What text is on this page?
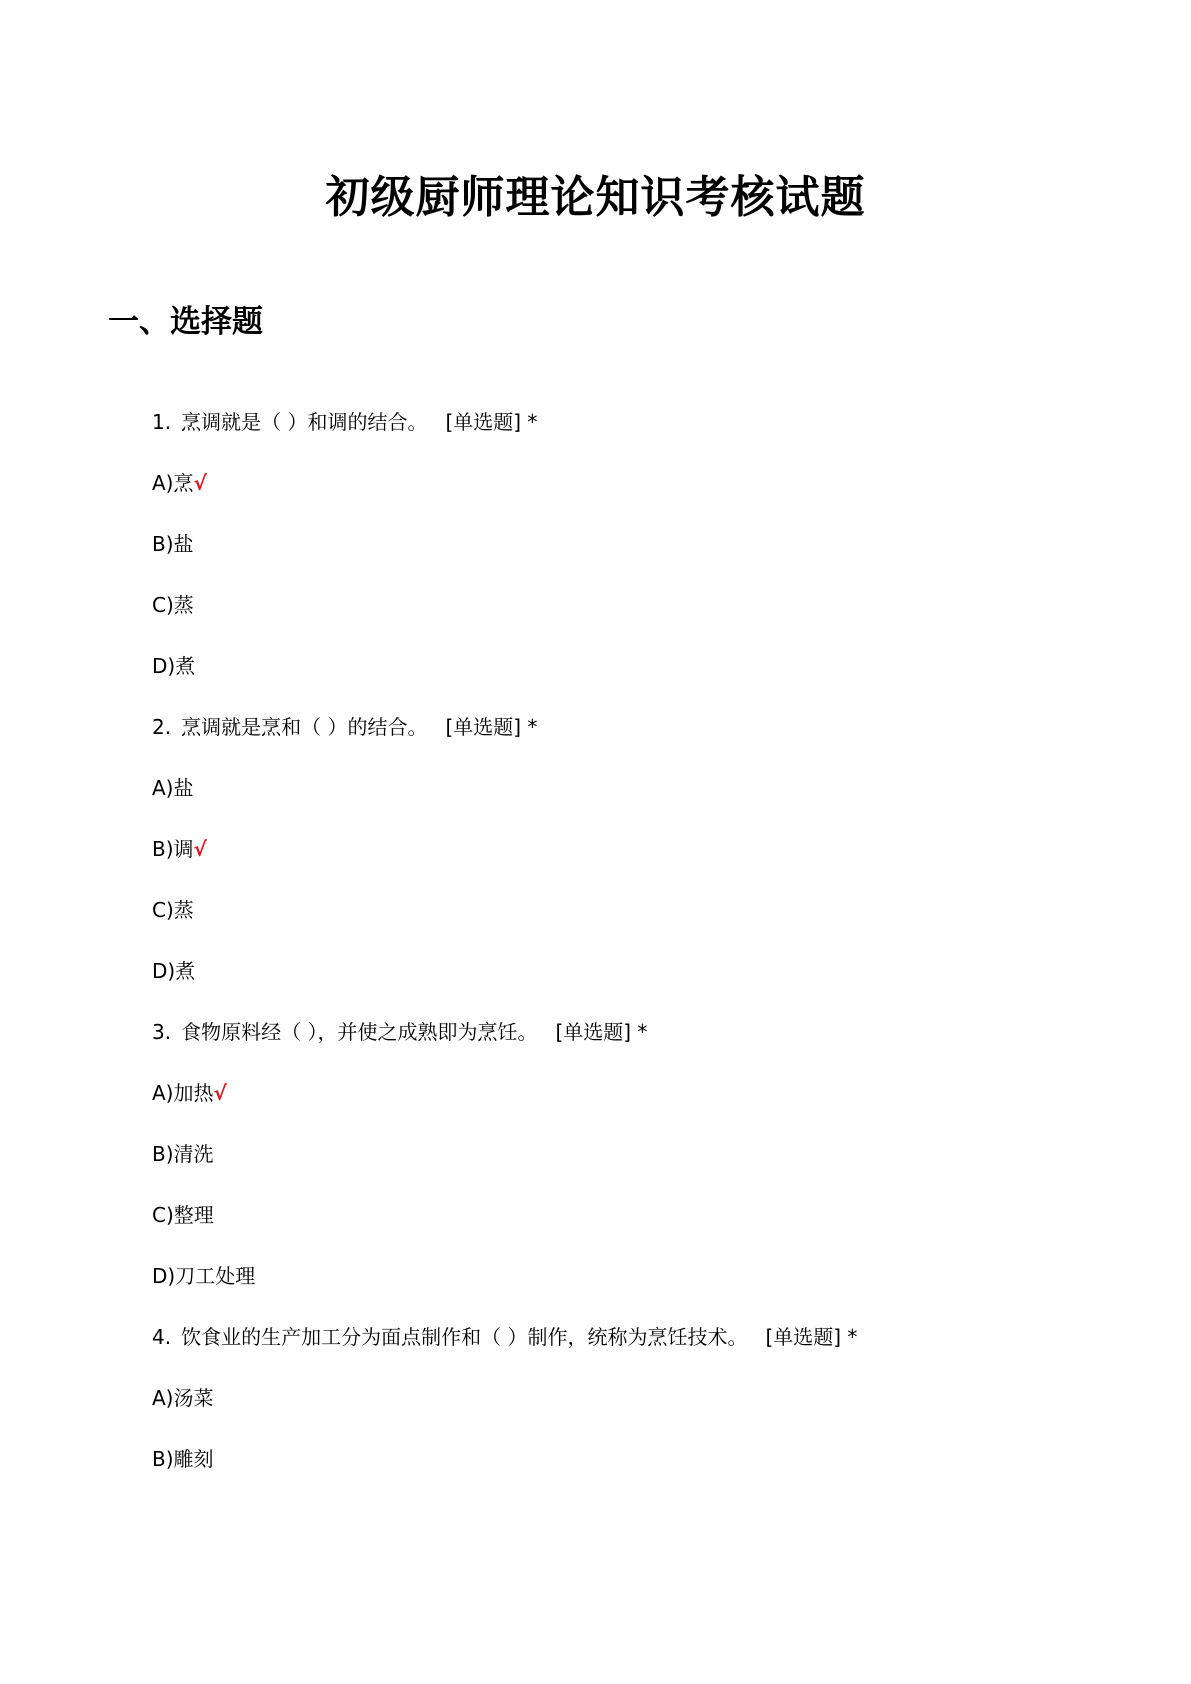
初级厨师理论知识考核试题
一、选择题
1. 烹调就是（ ）和调的结合。 [单选题] *
A)烹√
B)盐
C)蒸
D)煮
2. 烹调就是烹和（ ）的结合。 [单选题] *
A)盐
B)调√
C)蒸
D)煮
3. 食物原料经（ ），并使之成熟即为烹饪。 [单选题] *
A)加热√
B)清洗
C)整理
D)刀工处理
4. 饮食业的生产加工分为面点制作和（ ）制作，统称为烹饪技术。 [单选题] *
A)汤菜
B)雕刻
